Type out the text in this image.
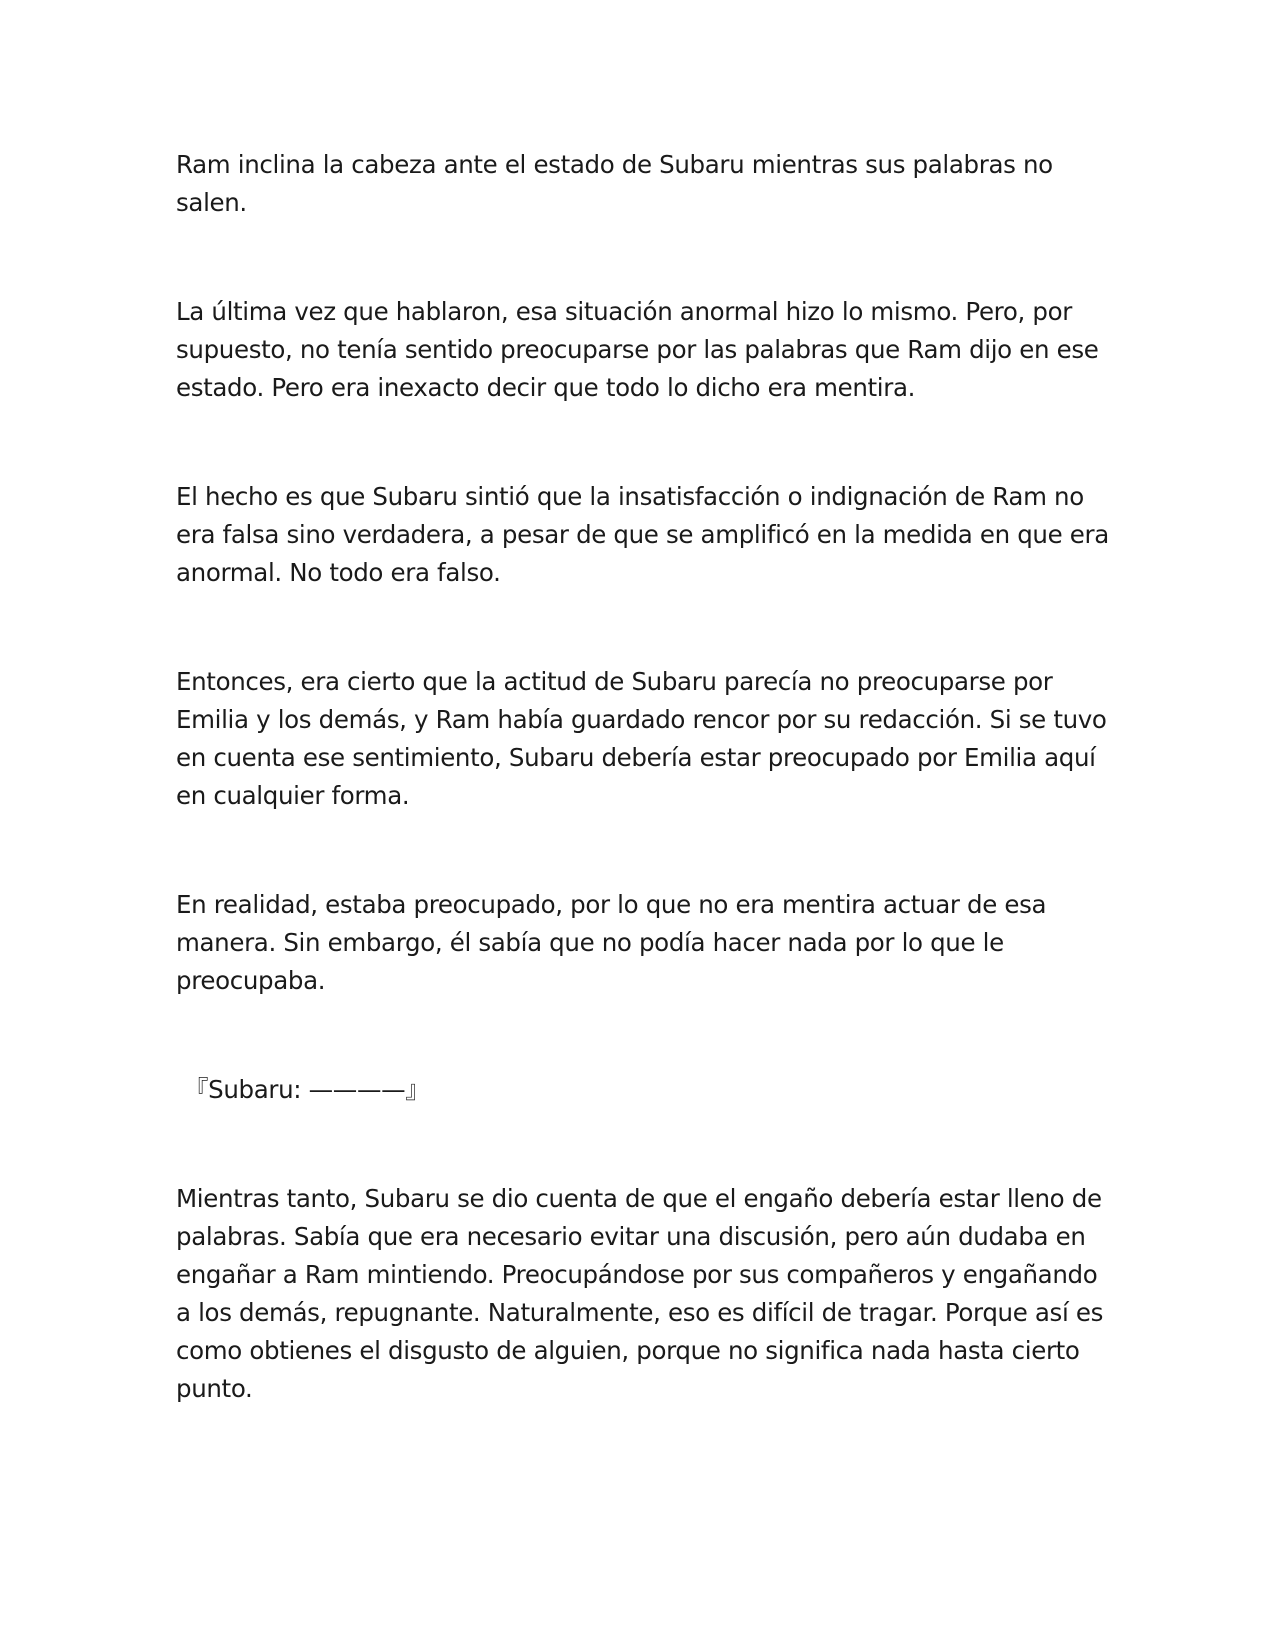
Ram inclina la cabeza ante el estado de Subaru mientras sus palabras no
salen.

La última vez que hablaron, esa situación anormal hizo lo mismo. Pero, por
supuesto, no tenía sentido preocuparse por las palabras que Ram dijo en ese
estado. Pero era inexacto decir que todo lo dicho era mentira.

El hecho es que Subaru sintió que la insatisfacción o indignación de Ram no
era falsa sino verdadera, a pesar de que se amplificó en la medida en que era
anormal. No todo era falso.

Entonces, era cierto que la actitud de Subaru parecía no preocuparse por
Emilia y los demás, y Ram había guardado rencor por su redacción. Si se tuvo
en cuenta ese sentimiento, Subaru debería estar preocupado por Emilia aquí
en cualquier forma.

En realidad, estaba preocupado, por lo que no era mentira actuar de esa
manera. Sin embargo, él sabía que no podía hacer nada por lo que le
preocupaba.

『Subaru: ————』

Mientras tanto, Subaru se dio cuenta de que el engaño debería estar lleno de
palabras. Sabía que era necesario evitar una discusión, pero aún dudaba en
engañar a Ram mintiendo. Preocupándose por sus compañeros y engañando
a los demás, repugnante. Naturalmente, eso es difícil de tragar. Porque así es
como obtienes el disgusto de alguien, porque no significa nada hasta cierto
punto.
